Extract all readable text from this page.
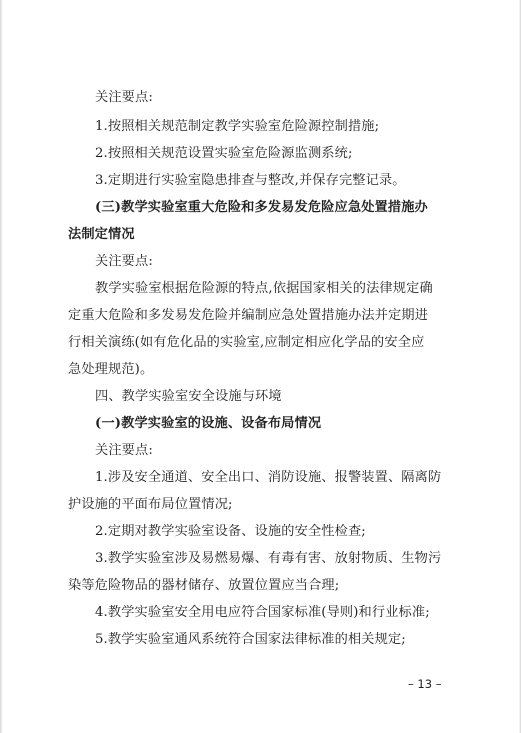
关注要点:
1.按照相关规范制定教学实验室危险源控制措施;
2.按照相关规范设置实验室危险源监测系统;
3.定期进行实验室隐患排查与整改,并保存完整记录。
(三)教学实验室重大危险和多发易发危险应急处置措施办
法制定情况
关注要点:
教学实验室根据危险源的特点,依据国家相关的法律规定确
定重大危险和多发易发危险并编制应急处置措施办法并定期进
行相关演练(如有危化品的实验室,应制定相应化学品的安全应
急处理规范)。
四、教学实验室安全设施与环境
(一)教学实验室的设施、设备布局情况
关注要点:
1.涉及安全通道、安全出口、消防设施、报警装置、隔离防
护设施的平面布局位置情况;
2.定期对教学实验室设备、设施的安全性检查;
3.教学实验室涉及易燃易爆、有毒有害、放射物质、生物污
染等危险物品的器材储存、放置位置应当合理;
4.教学实验室安全用电应符合国家标准(导则)和行业标准;
5.教学实验室通风系统符合国家法律标准的相关规定;
– 13 –
